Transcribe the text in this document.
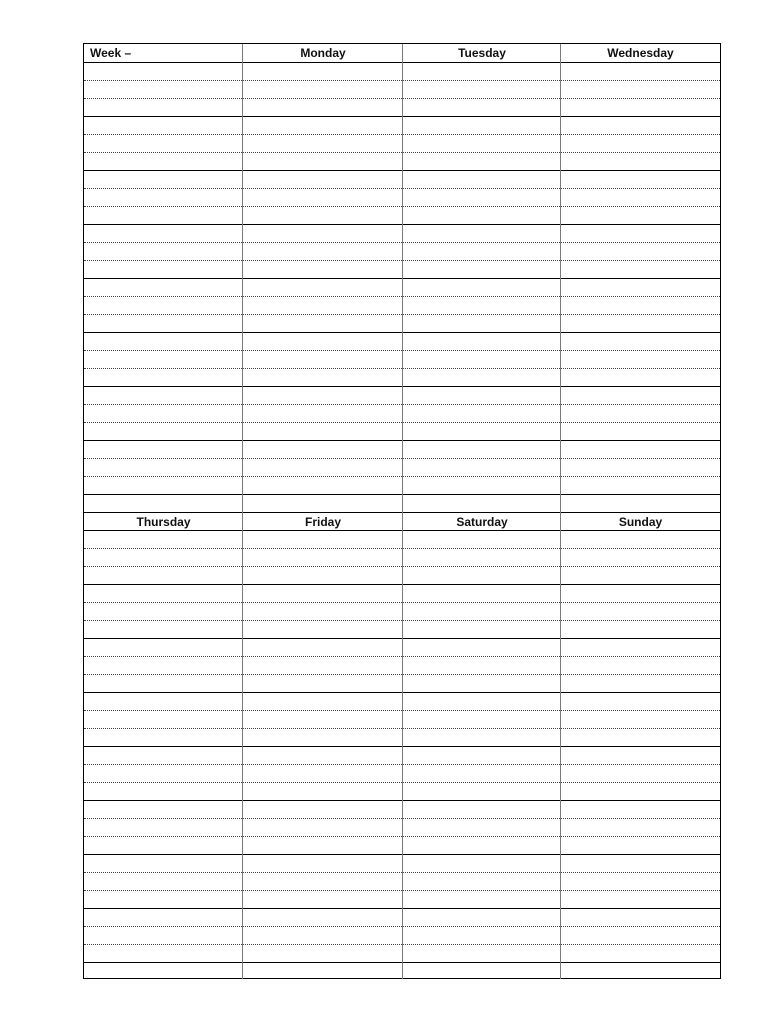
Week –	Monday	Tuesday	Wednesday
Thursday	Friday	Saturday	Sunday
